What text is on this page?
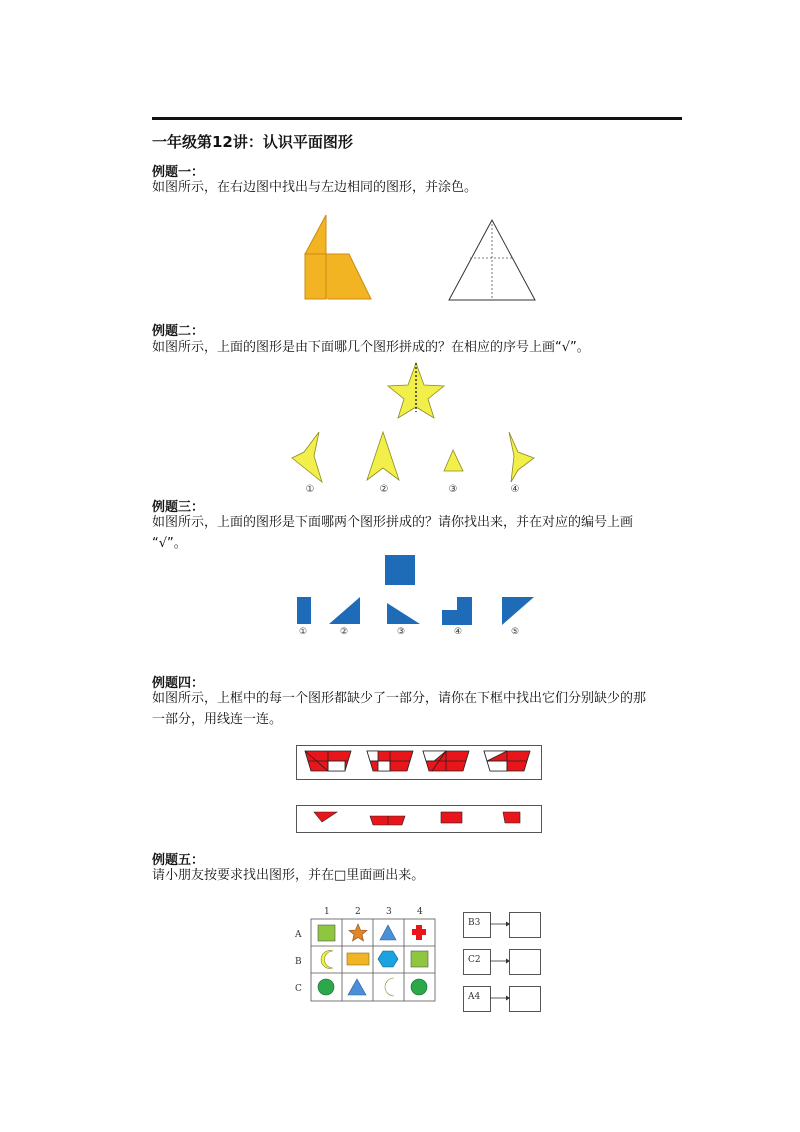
一年级第12讲：认识平面图形
例题一：
如图所示，在右边图中找出与左边相同的图形，并涂色。
例题二：
如图所示，上面的图形是由下面哪几个图形拼成的？在相应的序号上画“√”。
①	②	③	④
例题三：
如图所示，上面的图形是下面哪两个图形拼成的？请你找出来，并在对应的编号上画
“√”。
①	②	③	④	⑤
例题四：
如图所示，上框中的每一个图形都缺少了一部分，请你在下框中找出它们分别缺少的那
一部分，用线连一连。
例题五：
请小朋友按要求找出图形，并在□里面画出来。
1	2	3	4
A
B
C
B3
C2
A4
